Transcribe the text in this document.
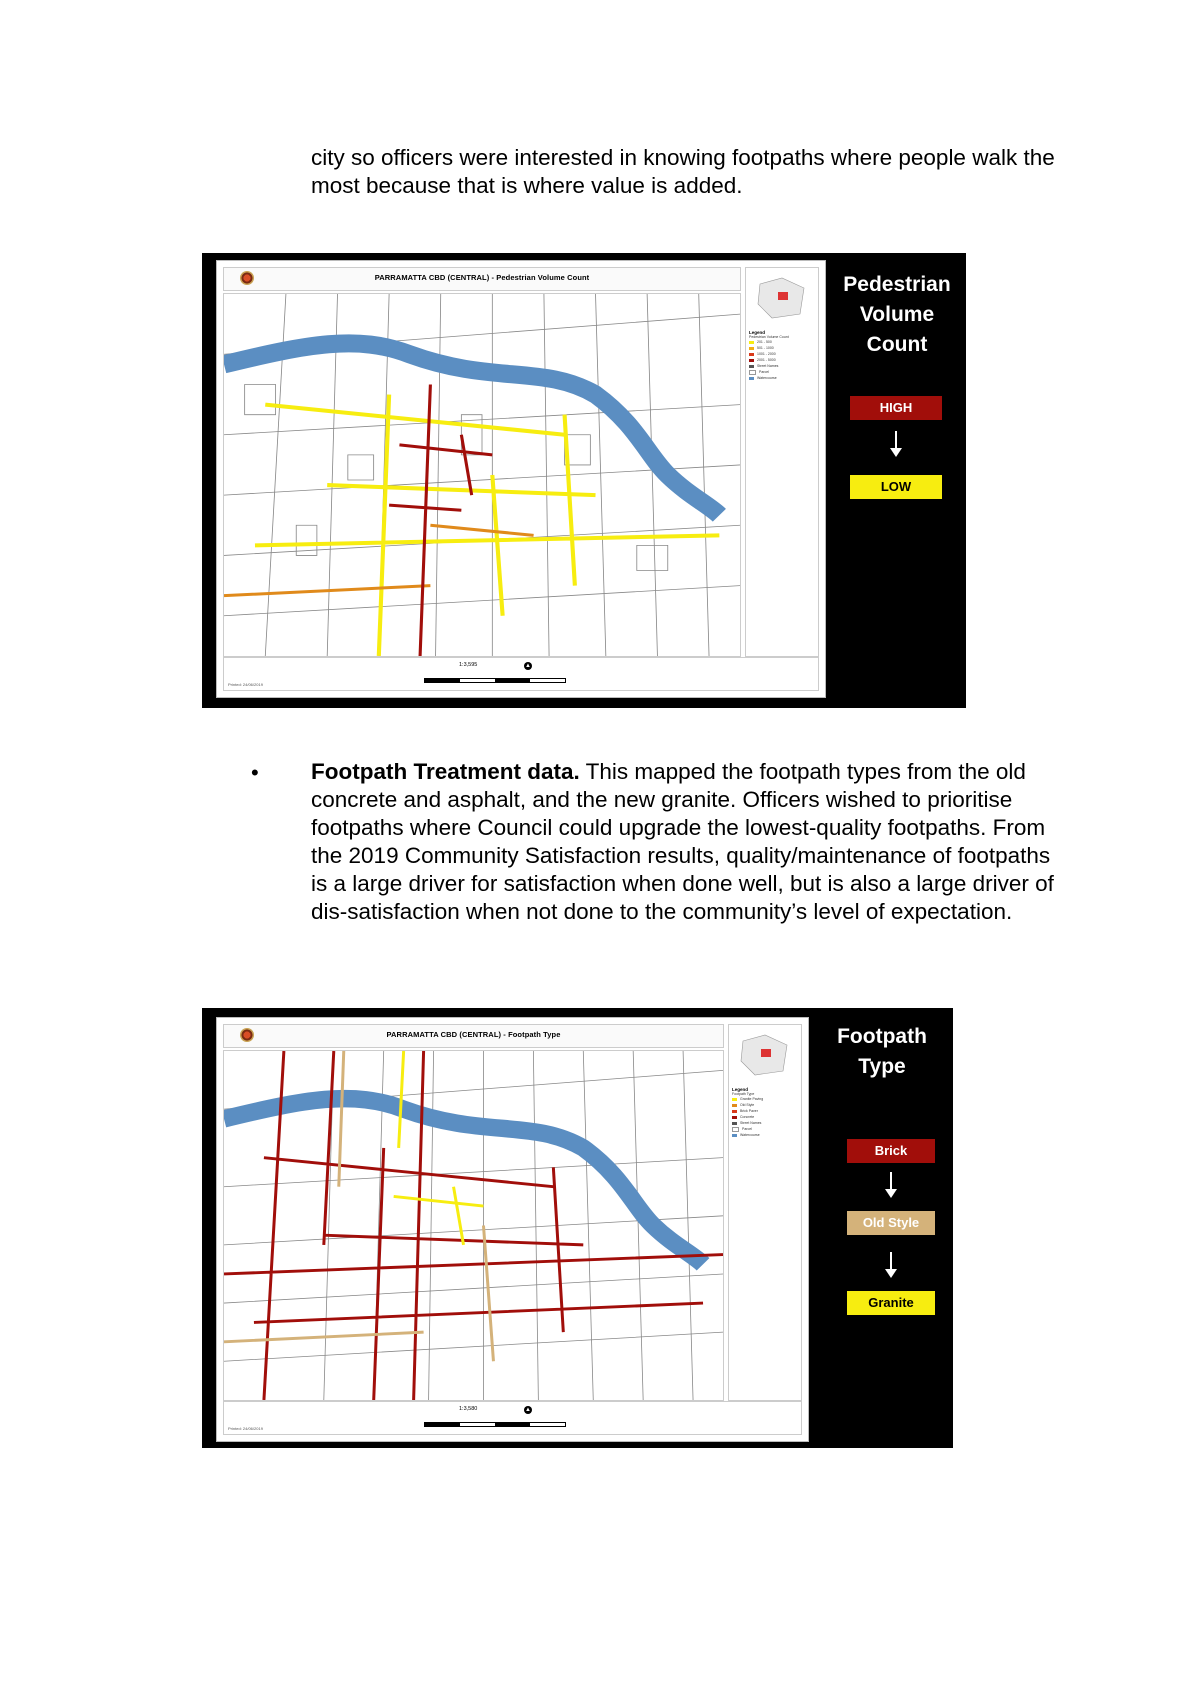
city so officers were interested in knowing footpaths where people walk the most because that is where value is added.

PARRAMATTA CBD (CENTRAL) - Pedestrian Volume Count
Legend
Pedestrian Volume Count
201 - 500
501 - 1000
1001 - 2000
2001 - 5000
Street Names
Parcel
Watercourse
Printed: 24/06/2019
1:3,595	▲
Pedestrian Volume Count
HIGH
LOW
• Footpath Treatment data. This mapped the footpath types from the old concrete and asphalt, and the new granite. Officers wished to prioritise footpaths where Council could upgrade the lowest-quality footpaths. From the 2019 Community Satisfaction results, quality/maintenance of footpaths is a large driver for satisfaction when done well, but is also a large driver of dis-satisfaction when not done to the community’s level of expectation.

PARRAMATTA CBD (CENTRAL) - Footpath Type
Legend
Footpath Type
Granite Paving
Old Style
Brick Paver
Concrete
Street Names
Parcel
Watercourse
Printed: 24/06/2019
1:3,580	▲
Footpath Type
Brick
Old Style
Granite
